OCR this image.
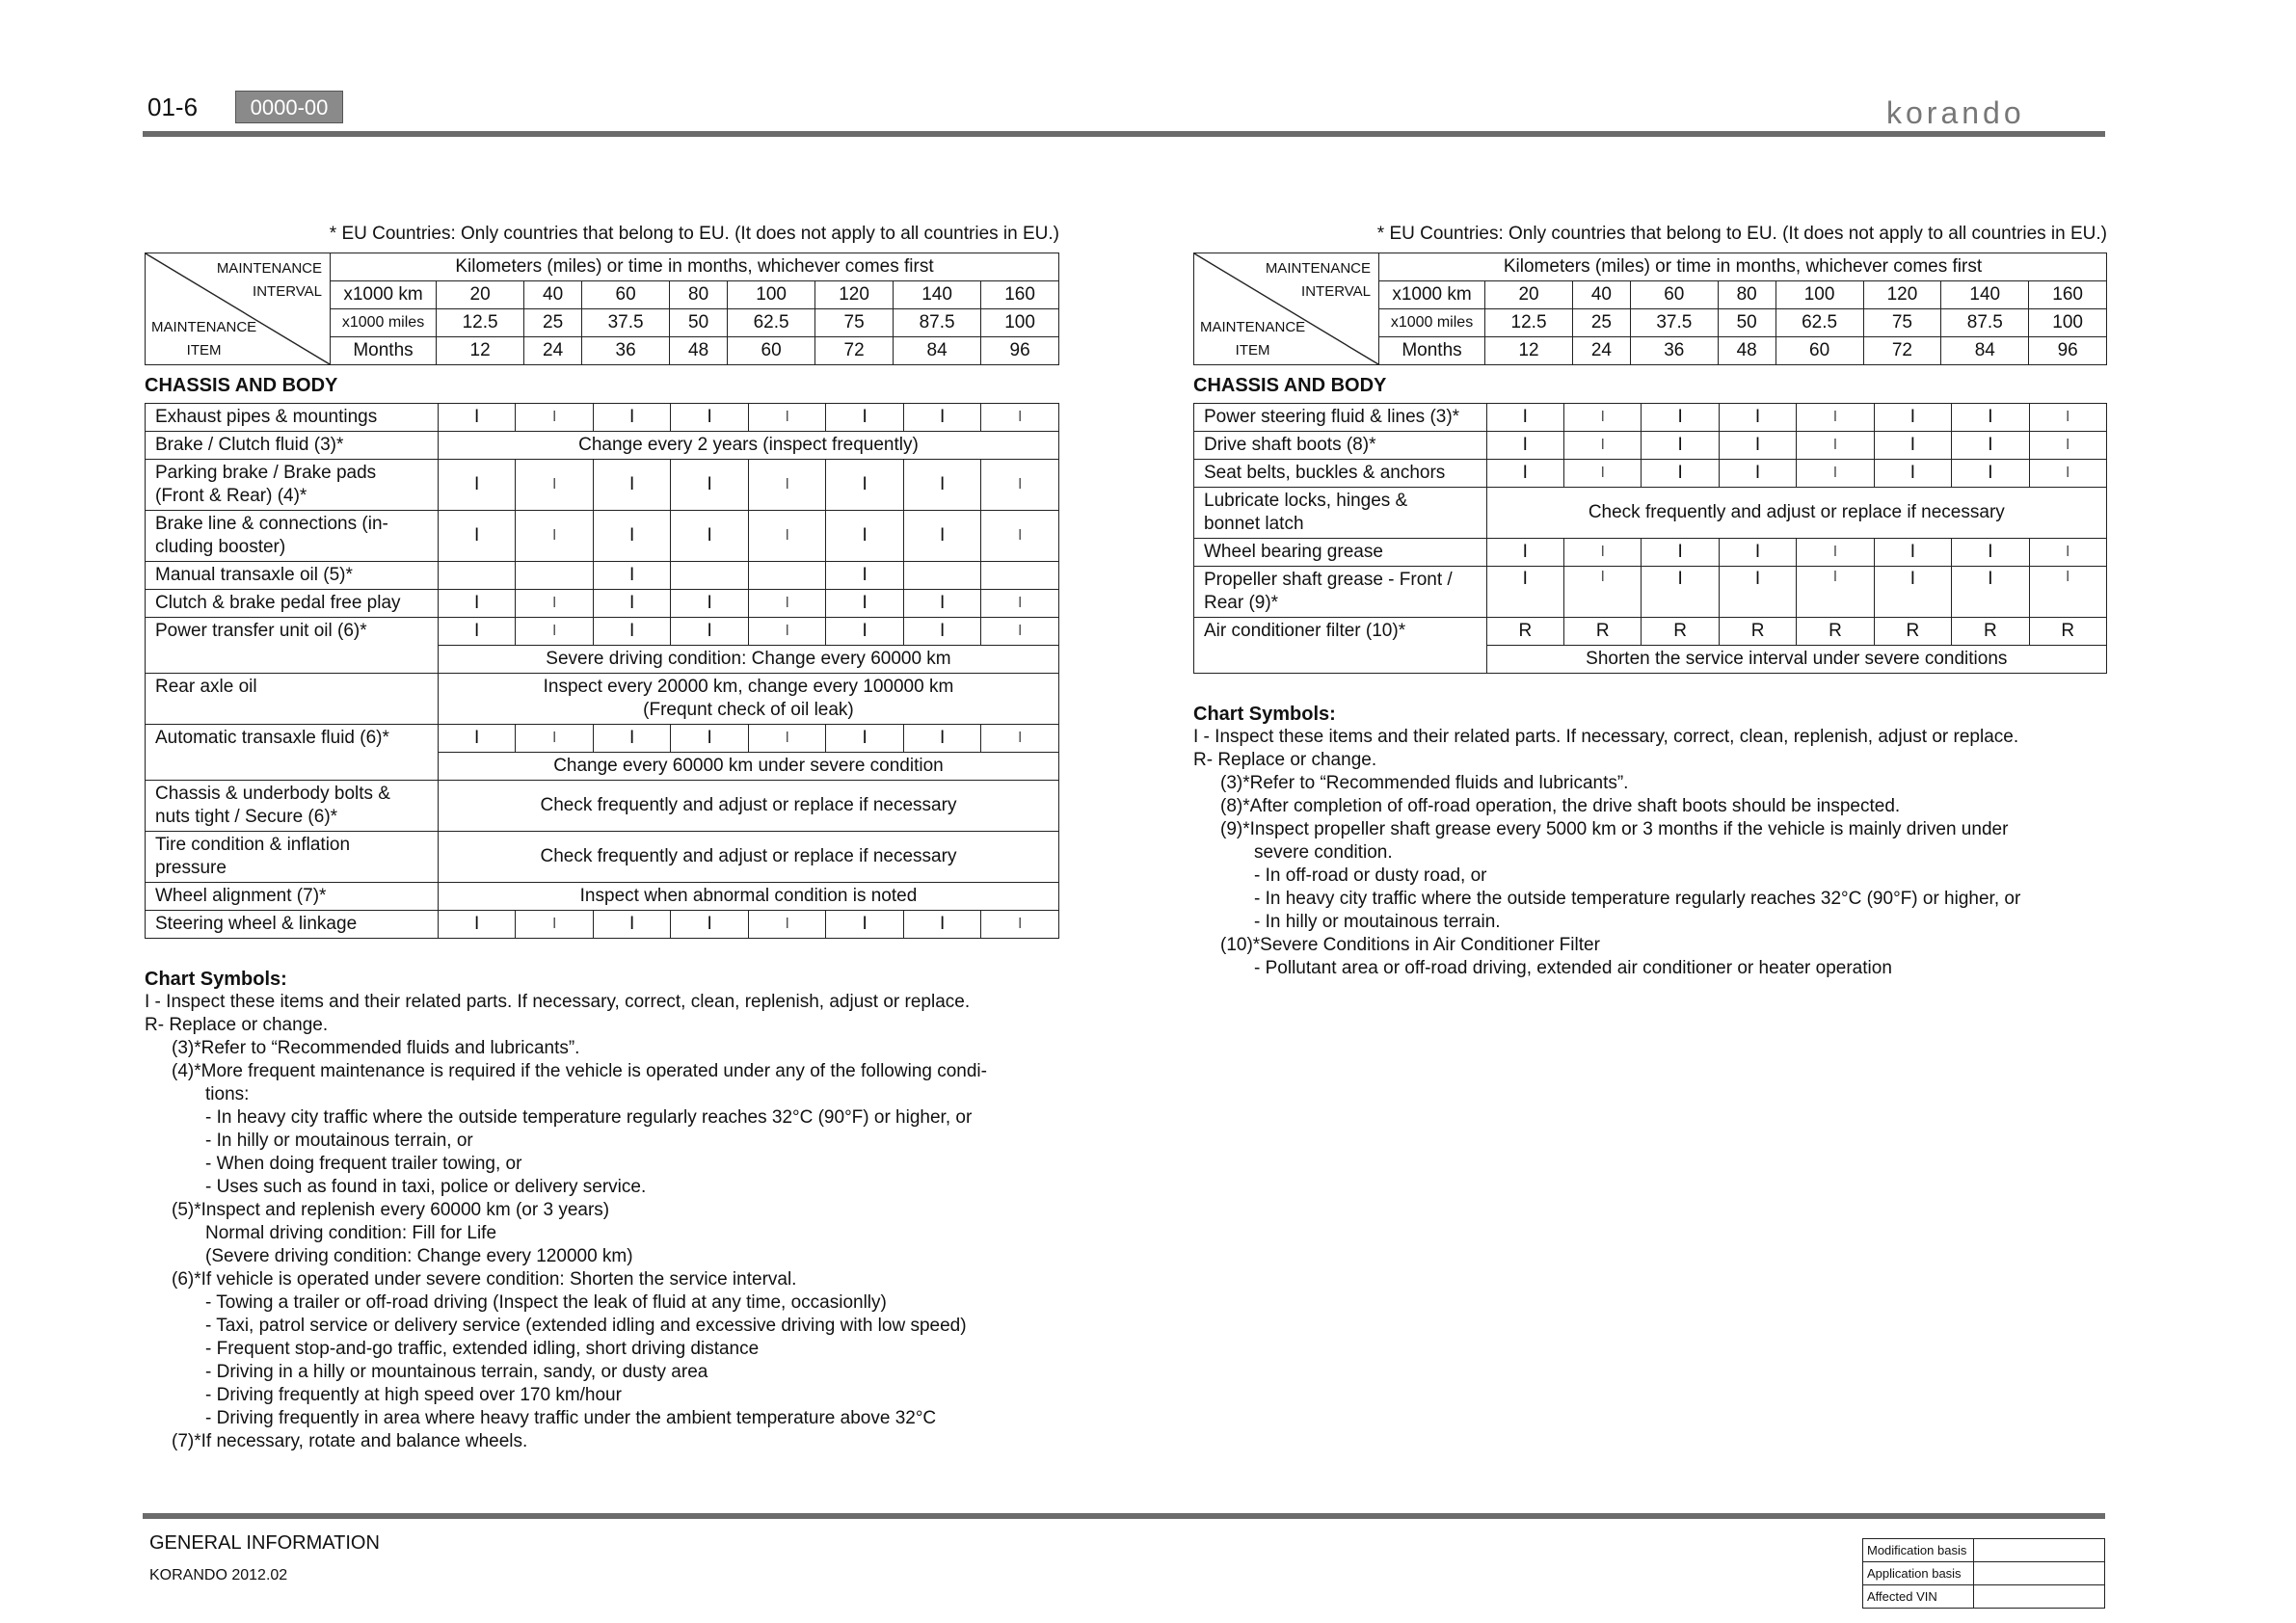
01-6	0000-00	korando
* EU Countries: Only countries that belong to EU. (It does not apply to all countries in EU.)
MAINTENANCE
INTERVAL
MAINTENANCE
ITEM	Kilometers (miles) or time in months, whichever comes first								
	x1000 km	20	40	60	80	100	120	140	160
	x1000 miles	12.5	25	37.5	50	62.5	75	87.5	100
	Months	12	24	36	48	60	72	84	96
CHASSIS AND BODY
Exhaust pipes & mountings	I	I	I	I	I	I	I	I
Brake / Clutch fluid (3)*	Change every 2 years (inspect frequently)							

Parking brake / Brake pads
(Front & Rear) (4)*	I	I	I	I	I	I	I	I

Brake line & connections (in-
cluding booster)	I	I	I	I	I	I	I	I
Manual transaxle oil (5)*			I			I		
Clutch & brake pedal free play	I	I	I	I	I	I	I	I
Power transfer unit oil (6)*	I	I	I	I	I	I	I	I
	Severe driving condition: Change every 60000 km							
Rear axle oil	Inspect every 20000 km, change every 100000 km
(Frequnt check of oil leak)							

Automatic transaxle fluid (6)*	I	I	I	I	I	I	I	I
	Change every 60000 km under severe condition							

Chassis & underbody bolts &
nuts tight / Secure (6)*	Check frequently and adjust or replace if necessary							

Tire condition & inflation
pressure	Check frequently and adjust or replace if necessary							
Wheel alignment (7)*	Inspect when abnormal condition is noted							
Steering wheel & linkage	I	I	I	I	I	I	I	I

Chart Symbols:

I - Inspect these items and their related parts. If necessary, correct, clean, replenish, adjust or replace.

R- Replace or change.

(3)*Refer to “Recommended fluids and lubricants”.

(4)*More frequent maintenance is required if the vehicle is operated under any of the following condi-

tions:

- In heavy city traffic where the outside temperature regularly reaches 32°C (90°F) or higher, or

- In hilly or moutainous terrain, or

- When doing frequent trailer towing, or

- Uses such as found in taxi, police or delivery service.

(5)*Inspect and replenish every 60000 km (or 3 years)

Normal driving condition: Fill for Life

(Severe driving condition: Change every 120000 km)

(6)*If vehicle is operated under severe condition: Shorten the service interval.

- Towing a trailer or off-road driving (Inspect the leak of fluid at any time, occasionlly)

- Taxi, patrol service or delivery service (extended idling and excessive driving with low speed)

- Frequent stop-and-go traffic, extended idling, short driving distance

- Driving in a hilly or mountainous terrain, sandy, or dusty area

- Driving frequently at high speed over 170 km/hour

- Driving frequently in area where heavy traffic under the ambient temperature above 32°C

(7)*If necessary, rotate and balance wheels.

* EU Countries: Only countries that belong to EU. (It does not apply to all countries in EU.)
MAINTENANCE
INTERVAL
MAINTENANCE
ITEM	Kilometers (miles) or time in months, whichever comes first								
	x1000 km	20	40	60	80	100	120	140	160
	x1000 miles	12.5	25	37.5	50	62.5	75	87.5	100
	Months	12	24	36	48	60	72	84	96
CHASSIS AND BODY
Power steering fluid & lines (3)*	I	I	I	I	I	I	I	I
Drive shaft boots (8)*	I	I	I	I	I	I	I	I
Seat belts, buckles & anchors	I	I	I	I	I	I	I	I

Lubricate locks, hinges &
bonnet latch	Check frequently and adjust or replace if necessary							
Wheel bearing grease	I	I	I	I	I	I	I	I

Propeller shaft grease - Front /
Rear (9)*	I	I	I	I	I	I	I	I
Air conditioner filter (10)*	R	R	R	R	R	R	R	R
	Shorten the service interval under severe conditions							

Chart Symbols:

I - Inspect these items and their related parts. If necessary, correct, clean, replenish, adjust or replace.

R- Replace or change.

(3)*Refer to “Recommended fluids and lubricants”.

(8)*After completion of off-road operation, the drive shaft boots should be inspected.

(9)*Inspect propeller shaft grease every 5000 km or 3 months if the vehicle is mainly driven under

severe condition.

- In off-road or dusty road, or

- In heavy city traffic where the outside temperature regularly reaches 32°C (90°F) or higher, or

- In hilly or moutainous terrain.

(10)*Severe Conditions in Air Conditioner Filter

- Pollutant area or off-road driving, extended air conditioner or heater operation

GENERAL INFORMATION
KORANDO 2012.02
Modification basis	
Application basis	
Affected VIN	
